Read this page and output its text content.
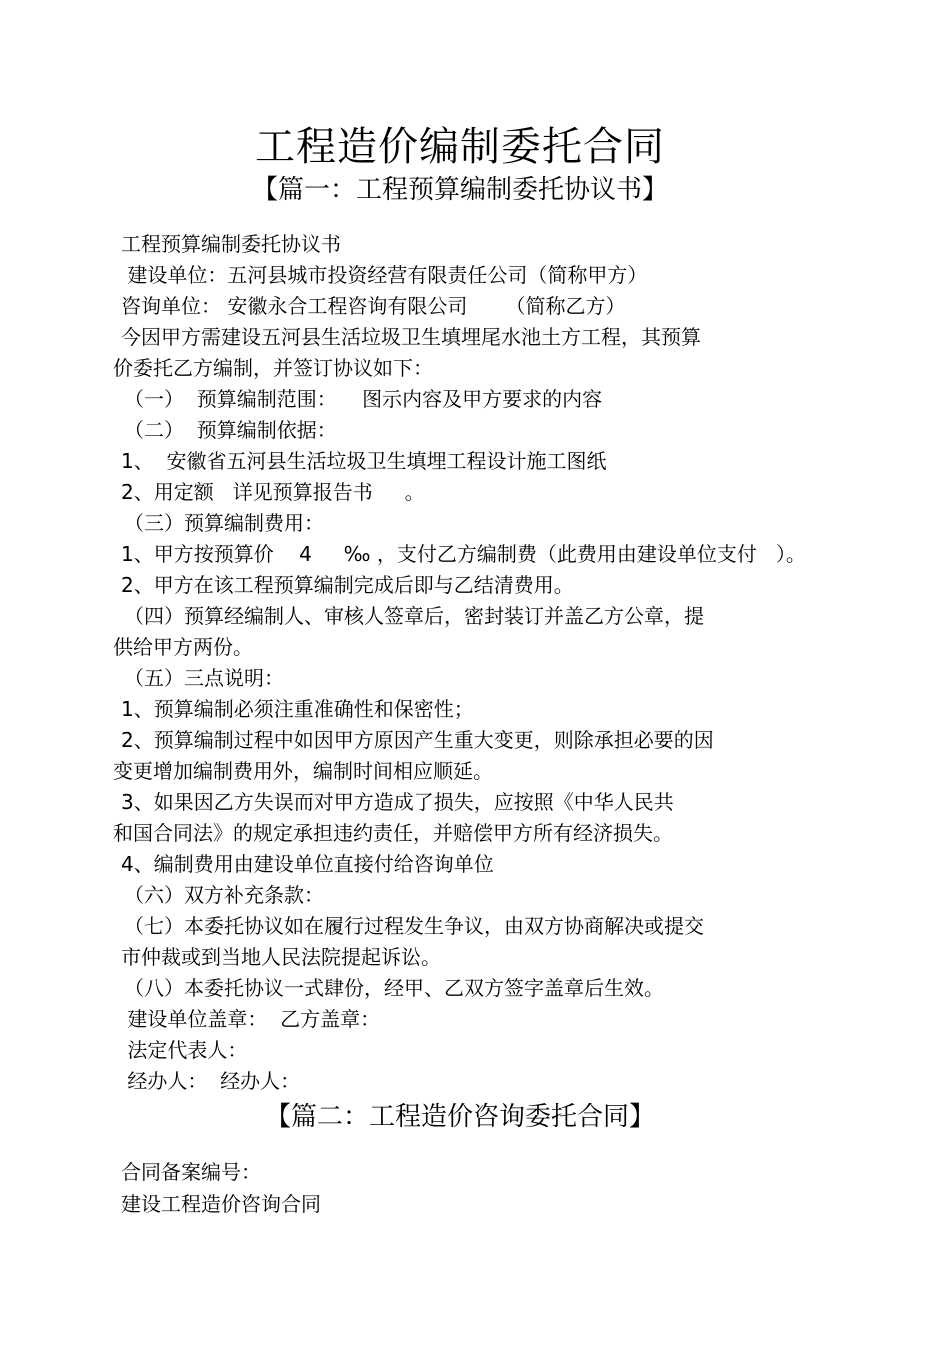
工程造价编制委托合同
【篇一：工程预算编制委托协议书】
工程预算编制委托协议书
建设单位：五河县城市投资经营有限责任公司（简称甲方）
咨询单位： 安徽永合工程咨询有限公司      （简称乙方）
今因甲方需建设五河县生活垃圾卫生填埋尾水池土方工程，其预算
价委托乙方编制，并签订协议如下：
（一）  预算编制范围：    图示内容及甲方要求的内容
（二）  预算编制依据：
1、  安徽省五河县生活垃圾卫生填埋工程设计施工图纸
2、用定额   详见预算报告书     。
（三）预算编制费用：
1、甲方按预算价    4     ‰ ，支付乙方编制费（此费用由建设单位支付   ）。
2、甲方在该工程预算编制完成后即与乙结清费用。
（四）预算经编制人、审核人签章后，密封装订并盖乙方公章，提
供给甲方两份。
（五）三点说明：
1、预算编制必须注重准确性和保密性；
2、预算编制过程中如因甲方原因产生重大变更，则除承担必要的因
变更增加编制费用外，编制时间相应顺延。
3、如果因乙方失误而对甲方造成了损失，应按照《中华人民共
和国合同法》的规定承担违约责任，并赔偿甲方所有经济损失。
4、编制费用由建设单位直接付给咨询单位
（六）双方补充条款：
（七）本委托协议如在履行过程发生争议，由双方协商解决或提交
市仲裁或到当地人民法院提起诉讼。
（八）本委托协议一式肆份，经甲、乙双方签字盖章后生效。
建设单位盖章：  乙方盖章：
法定代表人：
经办人：  经办人：
【篇二：工程造价咨询委托合同】
合同备案编号：
建设工程造价咨询合同
